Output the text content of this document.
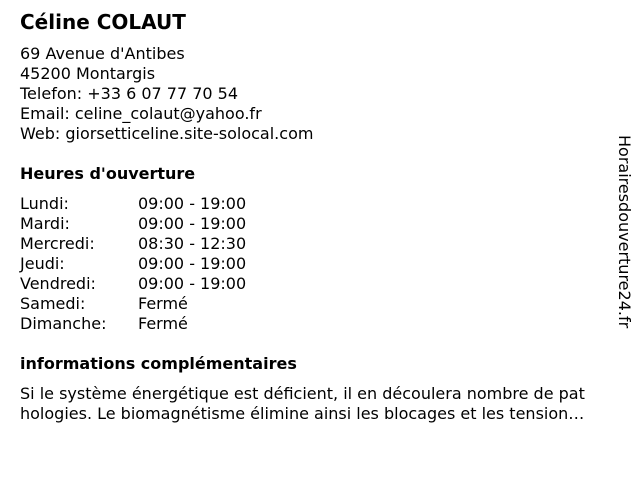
Céline COLAUT
69 Avenue d'Antibes
45200 Montargis
Telefon: +33 6 07 77 70 54
Email: celine_colaut@yahoo.fr
Web: giorsetticeline.site-solocal.com
Heures d'ouverture
Lundi:	09:00 - 19:00
Mardi:	09:00 - 19:00
Mercredi:	08:30 - 12:30
Jeudi:	09:00 - 19:00
Vendredi:	09:00 - 19:00
Samedi:	Fermé
Dimanche:	Fermé
informations complémentaires
Si le système énergétique est déficient, il en découlera nombre de pat
hologies. Le biomagnétisme élimine ainsi les blocages et les tension…
Horairesdouverture24.fr
